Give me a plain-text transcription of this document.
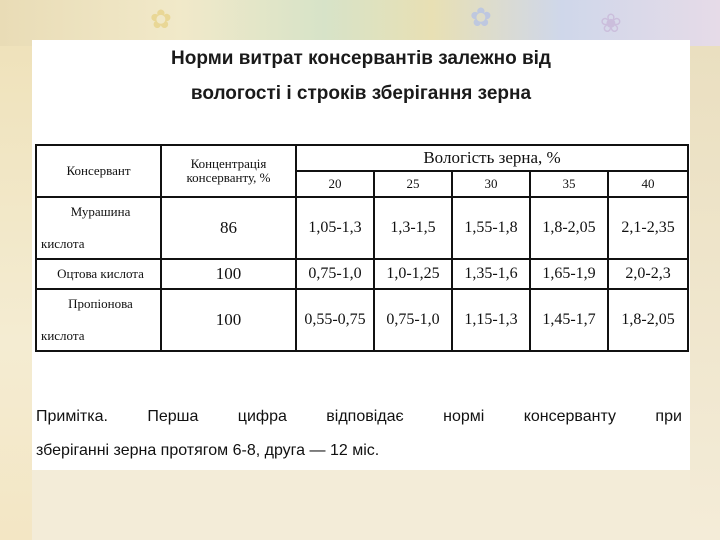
✿	✿	❀
Норми витрат консервантів залежно від
вологості і строків зберігання зерна
Консервант	Концентрація консерванту, %	Вологість зерна, %				
		20	25	30	35	40

Мурашина
кислота	86	1,05-1,3	1,3-1,5	1,55-1,8	1,8-2,05	2,1-2,35
Оцтова кислота	100	0,75-1,0	1,0-1,25	1,35-1,6	1,65-1,9	2,0-2,3

Пропіонова
кислота	100	0,55-0,75	0,75-1,0	1,15-1,3	1,45-1,7	1,8-2,05
Примітка. Перша цифра відповідає нормі консерванту при
зберіганні зерна протягом 6-8, друга — 12 міс.
